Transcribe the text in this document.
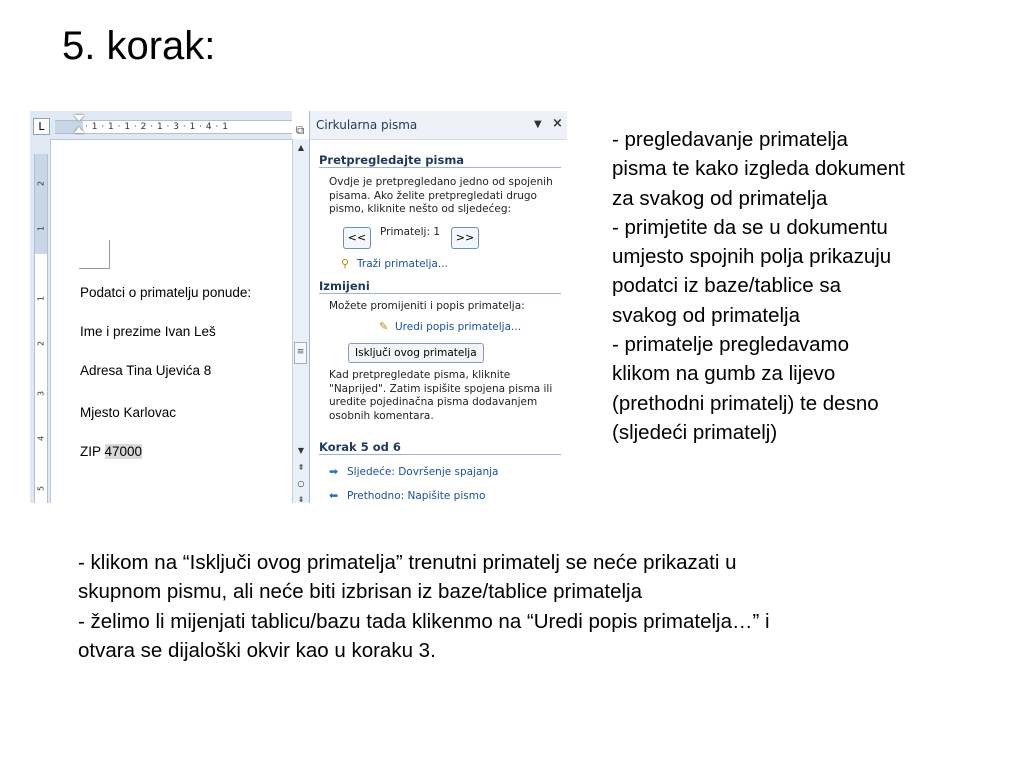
5. korak:
L	· 1 · 1 · 1 · 2 · 1 · 3 · 1 · 4 · 1
2
1
1
2
3
4
5
Podatci o primatelju ponude:
Ime i prezime Ivan Leš
Adresa Tina Ujevića 8
Mjesto Karlovac
ZIP 47000
⧉
▲
≡
▼
⇞
○
⇟
Cirkularna pisma	▼ ×
Pretpregledajte pisma
Ovdje je pretpregledano jedno od spojenih pisama. Ako želite pretpregledati drugo pismo, kliknite nešto od sljedećeg:
<<	Primatelj: 1	>>
⚲ Traži primatelja...
Izmijeni
Možete promijeniti i popis primatelja:
✎ Uredi popis primatelja...
Isključi ovog primatelja
Kad pretpregledate pisma, kliknite "Naprijed". Zatim ispišite spojena pisma ili uredite pojedinačna pisma dodavanjem osobnih komentara.
Korak 5 od 6
➡ Sljedeće: Dovršenje spajanja
⬅ Prethodno: Napišite pismo
- pregledavanje primatelja
pisma te kako izgleda dokument
za svakog od primatelja
- primjetite da se u dokumentu
umjesto spojnih polja prikazuju
podatci iz baze/tablice sa
svakog od primatelja
- primatelje pregledavamo
klikom na gumb za lijevo
(prethodni primatelj) te desno
(sljedeći primatelj)
- klikom na “Isključi ovog primatelja” trenutni primatelj se neće prikazati u
skupnom pismu, ali neće biti izbrisan iz baze/tablice primatelja
- želimo li mijenjati tablicu/bazu tada klikenmo na “Uredi popis primatelja…” i
otvara se dijaloški okvir kao u koraku 3.
